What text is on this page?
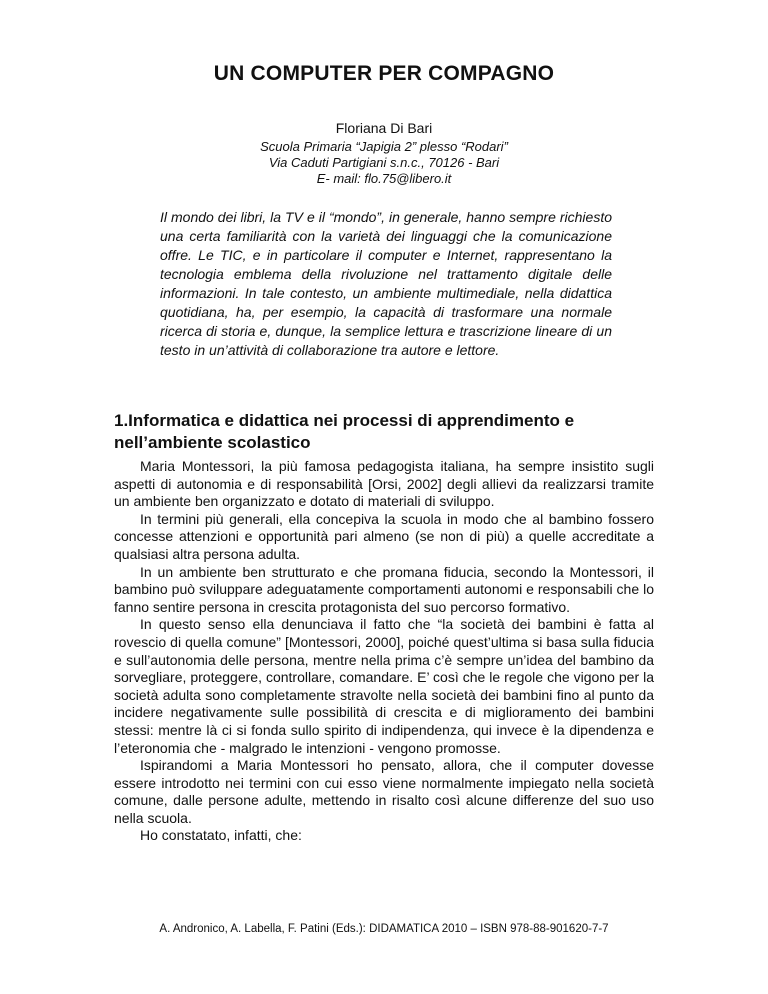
UN COMPUTER PER COMPAGNO
Floriana Di Bari
Scuola Primaria “Japigia 2” plesso “Rodari”
Via Caduti Partigiani s.n.c., 70126 - Bari
E- mail: flo.75@libero.it

Il mondo dei libri, la TV e il “mondo”, in generale, hanno sempre richiesto una certa familiarità con la varietà dei linguaggi che la comunicazione offre. Le TIC, e in particolare il computer e Internet, rappresentano la tecnologia emblema della rivoluzione nel trattamento digitale delle informazioni. In tale contesto, un ambiente multimediale, nella didattica quotidiana, ha, per esempio, la capacità di trasformare una normale ricerca di storia e, dunque, la semplice lettura e trascrizione lineare di un testo in un’attività di collaborazione tra autore e lettore.

1.Informatica e didattica nei processi di apprendimento e nell’ambiente scolastico

Maria Montessori, la più famosa pedagogista italiana, ha sempre insistito sugli aspetti di autonomia e di responsabilità [Orsi, 2002] degli allievi da realizzarsi tramite un ambiente ben organizzato e dotato di materiali di sviluppo.

In termini più generali, ella concepiva la scuola in modo che al bambino fossero concesse attenzioni e opportunità pari almeno (se non di più) a quelle accreditate a qualsiasi altra persona adulta.

In un ambiente ben strutturato e che promana fiducia, secondo la Montessori, il bambino può sviluppare adeguatamente comportamenti autonomi e responsabili che lo fanno sentire persona in crescita protagonista del suo percorso formativo.

In questo senso ella denunciava il fatto che “la società dei bambini è fatta al rovescio di quella comune” [Montessori, 2000], poiché quest’ultima si basa sulla fiducia e sull’autonomia delle persona, mentre nella prima c’è sempre un’idea del bambino da sorvegliare, proteggere, controllare, comandare. E’ così che le regole che vigono per la società adulta sono completamente stravolte nella società dei bambini fino al punto da incidere negativamente sulle possibilità di crescita e di miglioramento dei bambini stessi: mentre là ci si fonda sullo spirito di indipendenza, qui invece è la dipendenza e l’eteronomia che - malgrado le intenzioni - vengono promosse.

Ispirandomi a Maria Montessori ho pensato, allora, che il computer dovesse essere introdotto nei termini con cui esso viene normalmente impiegato nella società comune, dalle persone adulte, mettendo in risalto così alcune differenze del suo uso nella scuola.

Ho constatato, infatti, che:

A. Andronico, A. Labella, F. Patini (Eds.): DIDAMATICA 2010 – ISBN 978-88-901620-7-7
